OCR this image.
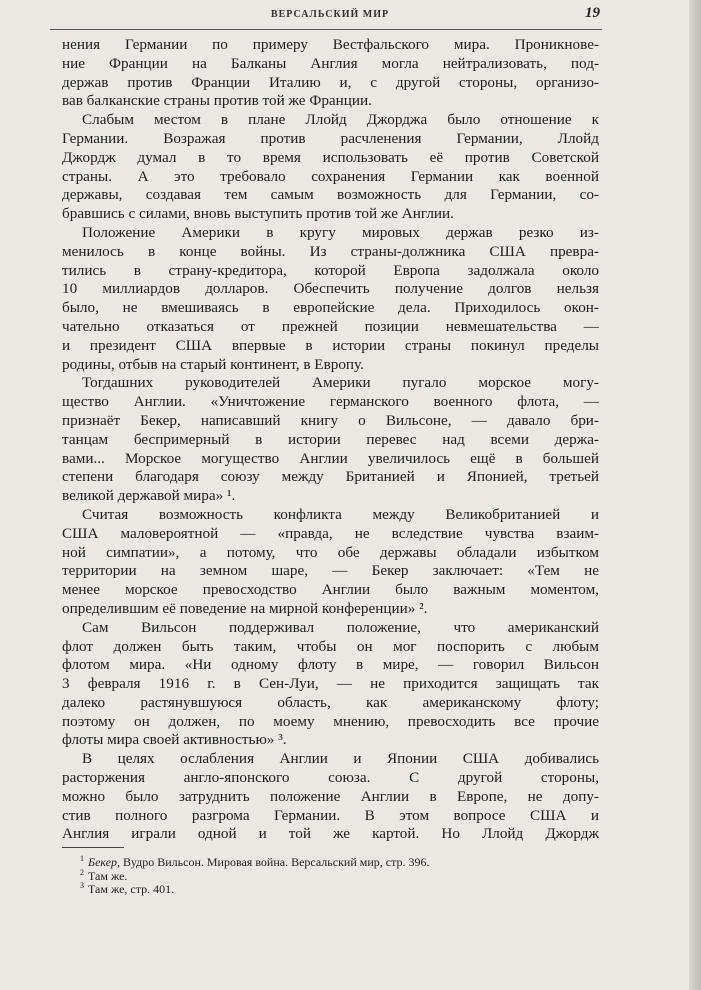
ВЕРСАЛЬСКИЙ МИР	19
нения Германии по примеру Вестфальского мира. Проникнове-
ние Франции на Балканы Англия могла нейтрализовать, под-
держав против Франции Италию и, с другой стороны, организо-
вав балканские страны против той же Франции.
Слабым местом в плане Ллойд Джорджа было отношение к
Германии. Возражая против расчленения Германии, Ллойд
Джордж думал в то время использовать её против Советской
страны. А это требовало сохранения Германии как военной
державы, создавая тем самым возможность для Германии, со-
бравшись с силами, вновь выступить против той же Англии.
Положение Америки в кругу мировых держав резко из-
менилось в конце войны. Из страны-должника США превра-
тились в страну-кредитора, которой Европа задолжала около
10 миллиардов долларов. Обеспечить получение долгов нельзя
было, не вмешиваясь в европейские дела. Приходилось окон-
чательно отказаться от прежней позиции невмешательства —
и президент США впервые в истории страны покинул пределы
родины, отбыв на старый континент, в Европу.
Тогдашних руководителей Америки пугало морское могу-
щество Англии. «Уничтожение германского военного флота, —
признаёт Бекер, написавший книгу о Вильсоне, — давало бри-
танцам беспримерный в истории перевес над всеми держа-
вами... Морское могущество Англии увеличилось ещё в большей
степени благодаря союзу между Британией и Японией, третьей
великой державой мира» ¹.
Считая возможность конфликта между Великобританией и
США маловероятной — «правда, не вследствие чувства взаим-
ной симпатии», а потому, что обе державы обладали избытком
территории на земном шаре, — Бекер заключает: «Тем не
менее морское превосходство Англии было важным моментом,
определившим её поведение на мирной конференции» ².
Сам Вильсон поддерживал положение, что американский
флот должен быть таким, чтобы он мог поспорить с любым
флотом мира. «Ни одному флоту в мире, — говорил Вильсон
3 февраля 1916 г. в Сен-Луи, — не приходится защищать так
далеко растянувшуюся область, как американскому флоту;
поэтому он должен, по моему мнению, превосходить все прочие
флоты мира своей активностью» ³.
В целях ослабления Англии и Японии США добивались
расторжения англо-японского союза. С другой стороны,
можно было затруднить положение Англии в Европе, не допу-
стив полного разгрома Германии. В этом вопросе США и
Англия играли одной и той же картой. Но Ллойд Джордж
$^1$ Бекер, Вудро Вильсон. Мировая война. Версальский мир, стр. 396.
$^2$ Там же.
$^3$ Там же, стр. 401.
